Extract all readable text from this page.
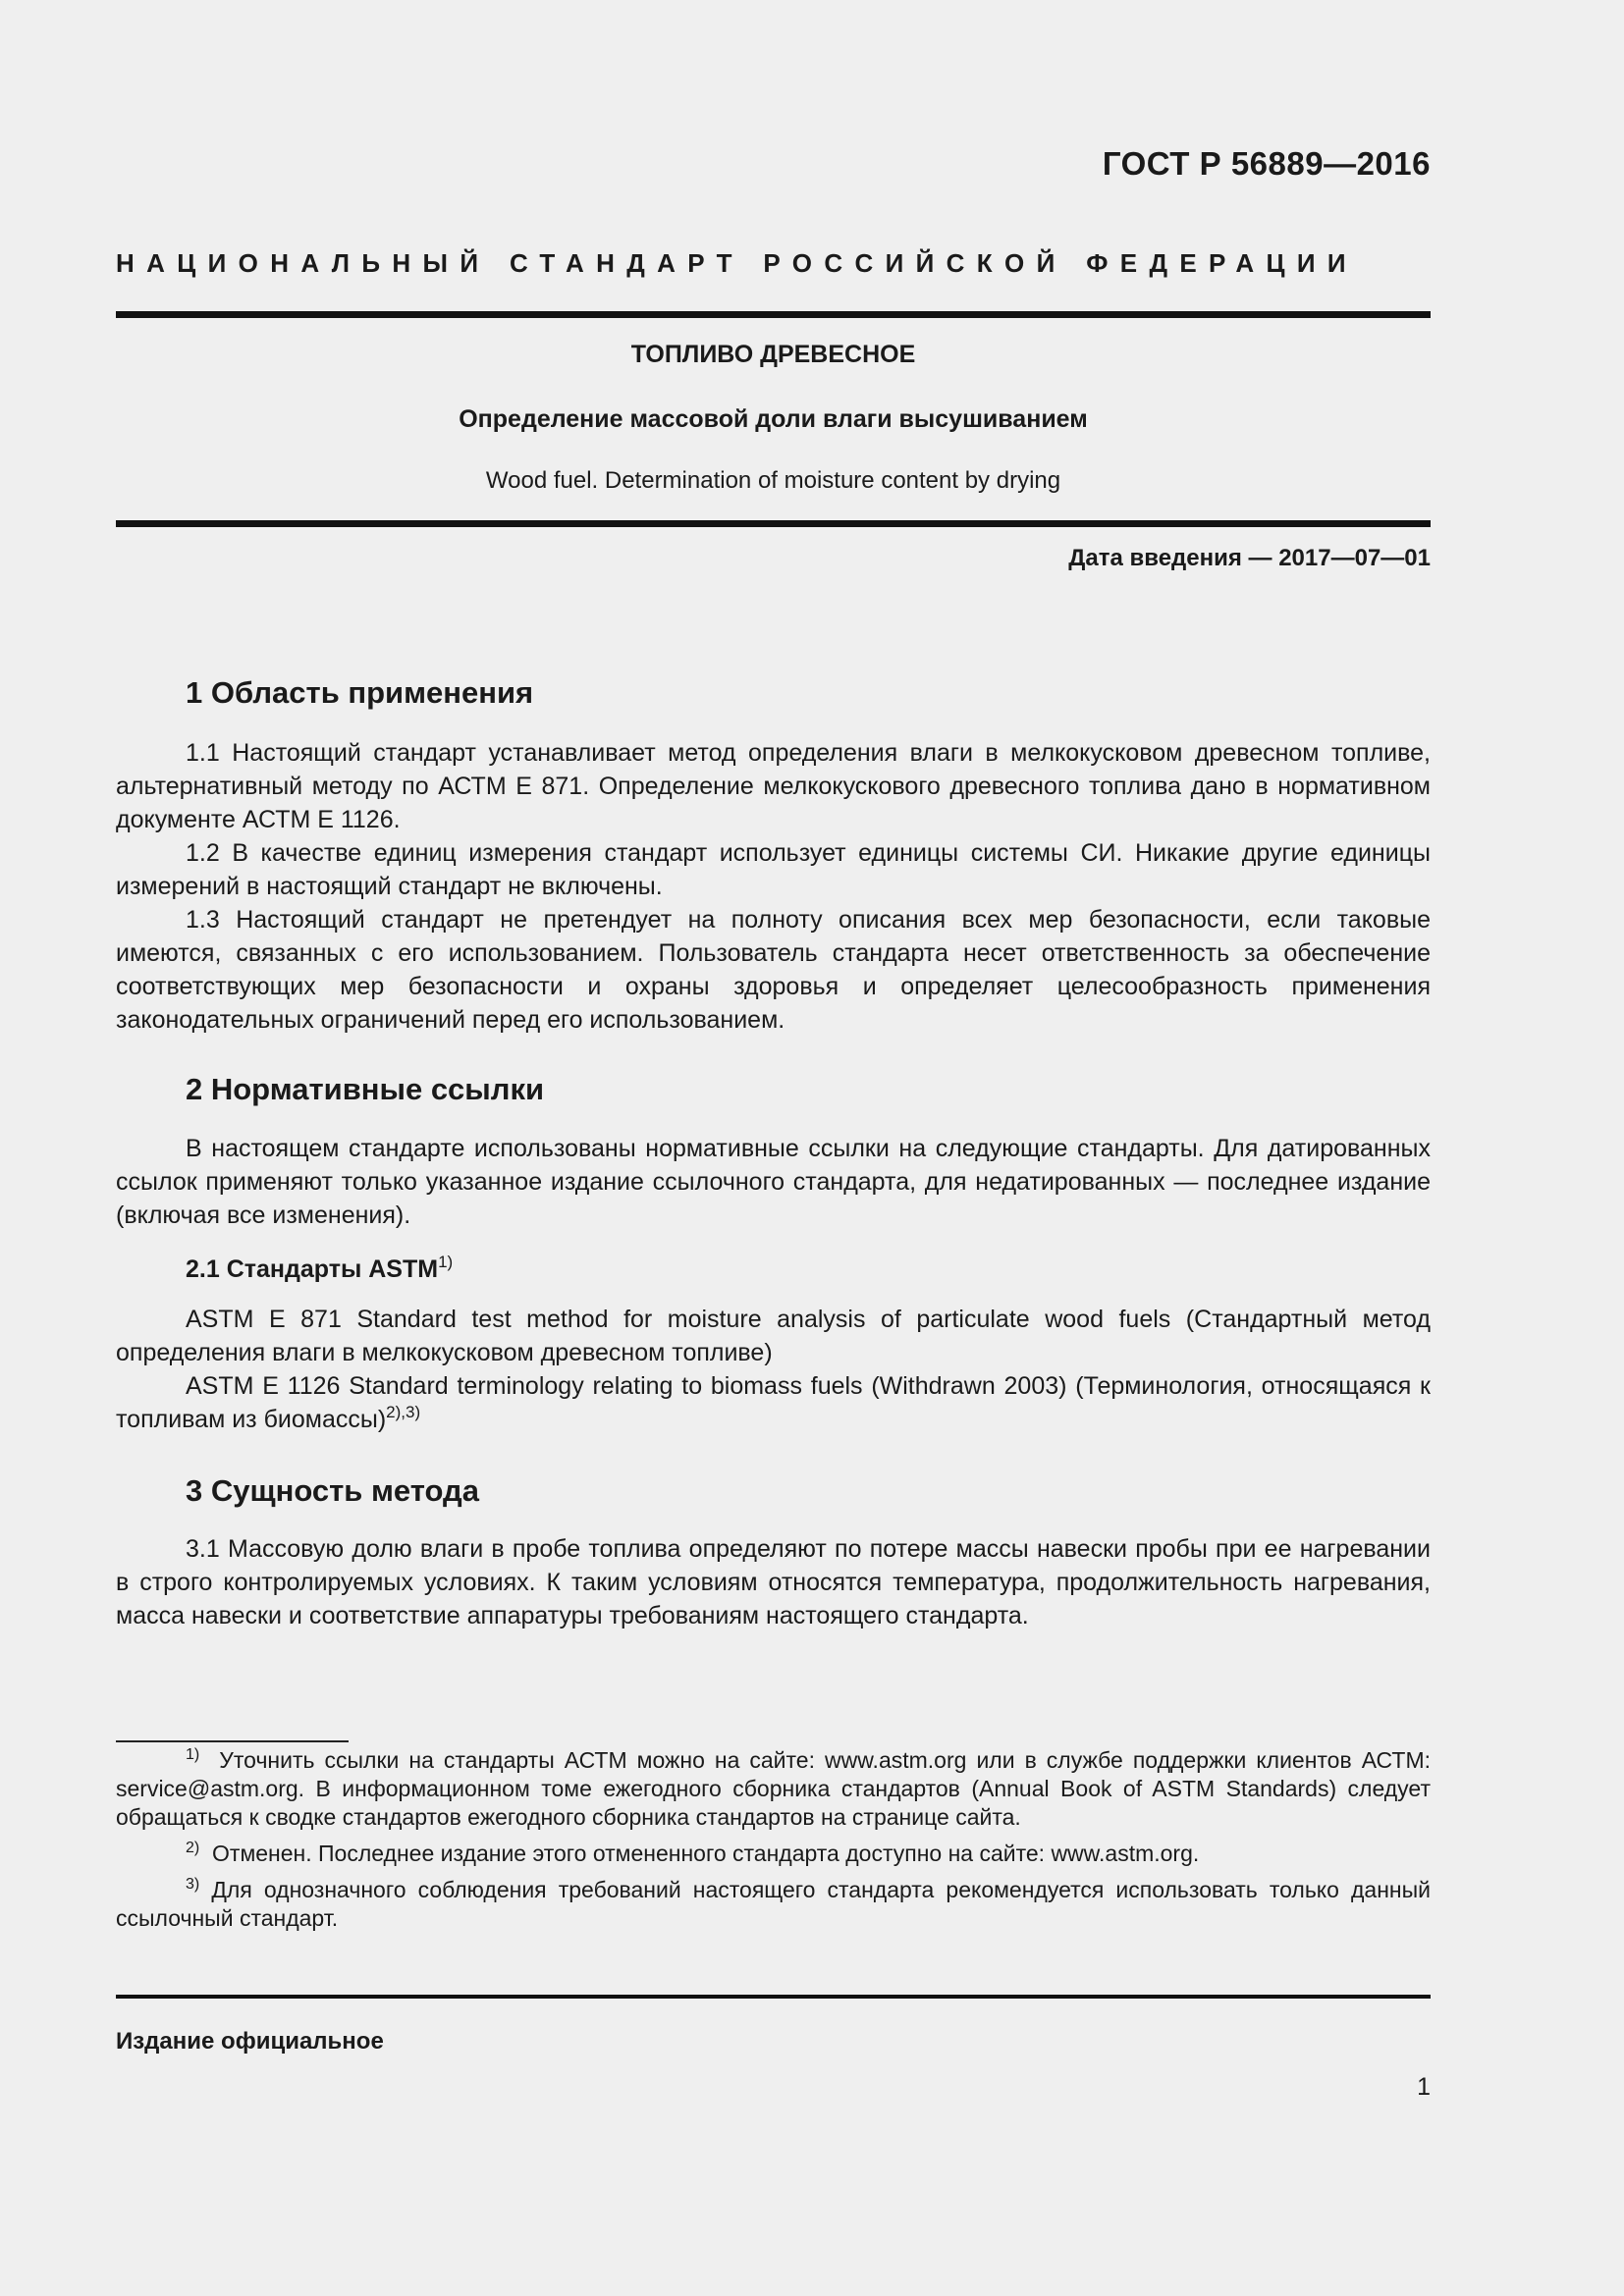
ГОСТ Р 56889—2016
НАЦИОНАЛЬНЫЙ СТАНДАРТ РОССИЙСКОЙ ФЕДЕРАЦИИ
ТОПЛИВО ДРЕВЕСНОЕ
Определение массовой доли влаги высушиванием
Wood fuel. Determination of moisture content by drying
Дата введения — 2017—07—01
1 Область применения

1.1 Настоящий стандарт устанавливает метод определения влаги в мелкокусковом древесном топливе, альтернативный методу по АСТМ Е 871. Определение мелкокускового древесного топлива дано в нормативном документе АСТМ Е 1126.

1.2 В качестве единиц измерения стандарт использует единицы системы СИ. Никакие другие единицы измерений в настоящий стандарт не включены.

1.3 Настоящий стандарт не претендует на полноту описания всех мер безопасности, если таковые имеются, связанных с его использованием. Пользователь стандарта несет ответственность за обеспечение соответствующих мер безопасности и охраны здоровья и определяет целесообразность применения законодательных ограничений перед его использованием.

2 Нормативные ссылки

В настоящем стандарте использованы нормативные ссылки на следующие стандарты. Для датированных ссылок применяют только указанное издание ссылочного стандарта, для недатированных — последнее издание (включая все изменения).

2.1 Стандарты ASTM$^{1)}$

ASTM E 871 Standard test method for moisture analysis of particulate wood fuels (Стандартный метод определения влаги в мелкокусковом древесном топливе)

ASTM E 1126 Standard terminology relating to biomass fuels (Withdrawn 2003) (Терминология, относящаяся к топливам из биомассы)$^{2),3)}$

3 Сущность метода

3.1 Массовую долю влаги в пробе топлива определяют по потере массы навески пробы при ее нагревании в строго контролируемых условиях. К таким условиям относятся температура, продолжительность нагревания, масса навески и соответствие аппаратуры требованиям настоящего стандарта.

$^{1)}$ Уточнить ссылки на стандарты АСТМ можно на сайте: www.astm.org или в службе поддержки клиентов АСТМ: service@astm.org. В информационном томе ежегодного сборника стандартов (Annual Book of ASTM Standards) следует обращаться к сводке стандартов ежегодного сборника стандартов на странице сайта.

$^{2)}$ Отменен. Последнее издание этого отмененного стандарта доступно на сайте: www.astm.org.

$^{3)}$ Для однозначного соблюдения требований настоящего стандарта рекомендуется использовать только данный ссылочный стандарт.

Издание официальное
1
